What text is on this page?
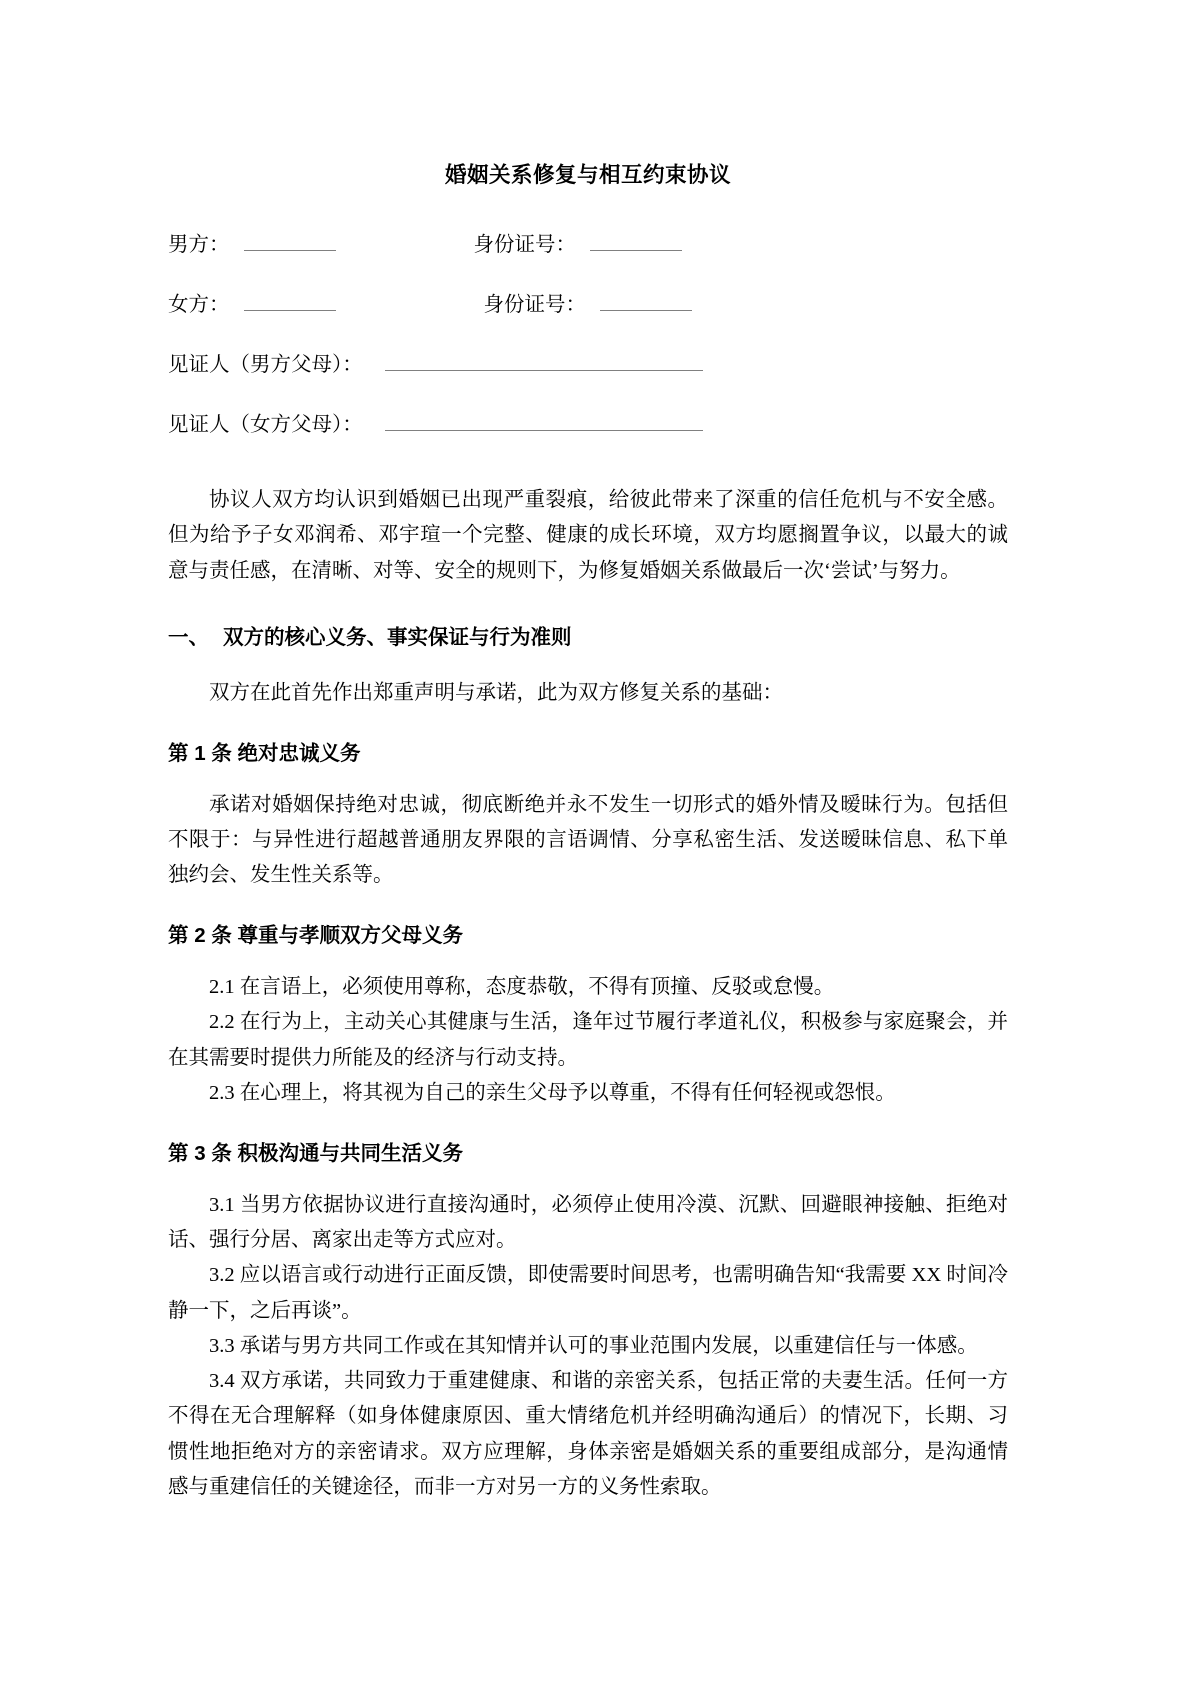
婚姻关系修复与相互约束协议
男方：	身份证号：
女方：	身份证号：
见证人（男方父母）：
见证人（女方父母）：

协议人双方均认识到婚姻已出现严重裂痕，给彼此带来了深重的信任危机与不安全感。但为给予子女邓润希、邓宇瑄一个完整、健康的成长环境，双方均愿搁置争议，以最大的诚意与责任感，在清晰、对等、安全的规则下，为修复婚姻关系做最后一次‘尝试’与努力。

一、 双方的核心义务、事实保证与行为准则

双方在此首先作出郑重声明与承诺，此为双方修复关系的基础：

第 1 条 绝对忠诚义务

承诺对婚姻保持绝对忠诚，彻底断绝并永不发生一切形式的婚外情及暧昧行为。包括但不限于：与异性进行超越普通朋友界限的言语调情、分享私密生活、发送暧昧信息、私下单独约会、发生性关系等。

第 2 条 尊重与孝顺双方父母义务
2.1 在言语上，必须使用尊称，态度恭敬，不得有顶撞、反驳或怠慢。
2.2 在行为上，主动关心其健康与生活，逢年过节履行孝道礼仪，积极参与家庭聚会，并在其需要时提供力所能及的经济与行动支持。
2.3 在心理上，将其视为自己的亲生父母予以尊重，不得有任何轻视或怨恨。
第 3 条 积极沟通与共同生活义务
3.1 当男方依据协议进行直接沟通时，必须停止使用冷漠、沉默、回避眼神接触、拒绝对话、强行分居、离家出走等方式应对。
3.2 应以语言或行动进行正面反馈，即使需要时间思考，也需明确告知“我需要 XX 时间冷静一下，之后再谈”。
3.3 承诺与男方共同工作或在其知情并认可的事业范围内发展，以重建信任与一体感。
3.4 双方承诺，共同致力于重建健康、和谐的亲密关系，包括正常的夫妻生活。任何一方不得在无合理解释（如身体健康原因、重大情绪危机并经明确沟通后）的情况下，长期、习惯性地拒绝对方的亲密请求。双方应理解，身体亲密是婚姻关系的重要组成部分，是沟通情感与重建信任的关键途径，而非一方对另一方的义务性索取。
